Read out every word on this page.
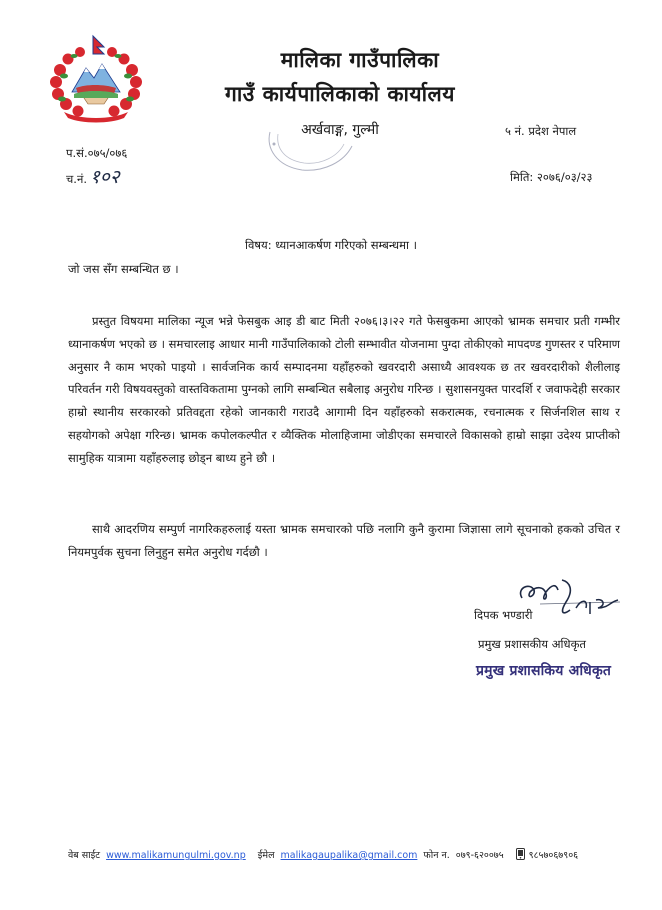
मालिका गाउँपालिका
गाउँ कार्यपालिकाको कार्यालय
अर्खवाङ्ग, गुल्मी	५ नं. प्रदेश नेपाल
प.सं.०७५/०७६
च.नं. १०२	मिति: २०७६/०३/२३
विषय: ध्यानआकर्षण गरिएको सम्बन्धमा ।
जो जस सँग सम्बन्धित छ ।

प्रस्तुत विषयमा मालिका न्यूज भन्ने फेसबुक आइ डी बाट मिती २०७६।३।२२ गते फेसबुकमा आएको भ्रामक समचार प्रती गम्भीर ध्यानाकर्षण भएको छ । समचारलाइ आधार मानी गाउँपालिकाको टोली सम्भावीत योजनामा पुग्दा तोकीएको मापदण्ड गुणस्तर र परिमाण अनुसार नै काम भएको पाइयो । सार्वजनिक कार्य सम्पादनमा यहाँहरुको खवरदारी असाध्यै आवश्यक छ तर खवरदारीको शैलीलाइ परिवर्तन गरी विषयवस्तुको वास्तविकतामा पुग्नको लागि सम्बन्धित सबैलाइ अनुरोध गरिन्छ । सुशासनयुक्त पारदर्शि र जवाफदेही सरकार हाम्रो स्थानीय सरकारको प्रतिवद्दता रहेको जानकारी गराउदै आगामी दिन यहाँहरुको सकरात्मक, रचनात्मक र सिर्जनशिल साथ र सहयोगको अपेक्षा गरिन्छ। भ्रामक कपोलकल्पीत र व्यैक्तिक मोलाहिजामा जोडीएका समचारले विकासको हाम्रो साझा उदेश्य प्राप्तीको सामुहिक यात्रामा यहाँहरुलाइ छोड्न बाध्य हुने छौ ।

साथै आदरणिय सम्पुर्ण नागरिकहरुलाई यस्ता भ्रामक समचारको पछि नलागि कुनै कुरामा जिज्ञासा लागे सूचनाको हकको उचित र नियमपुर्वक सुचना लिनुहुन समेत अनुरोध गर्दछौ ।

दिपक भण्डारी
प्रमुख प्रशासकीय अधिकृत
प्रमुख प्रशासकिय अधिकृत
वेब साईट www.malikamungulmi.gov.np ईमेल malikagaupalika@gmail.com फोन न. ०७९-६२००७५	९८५७०६७९०६
